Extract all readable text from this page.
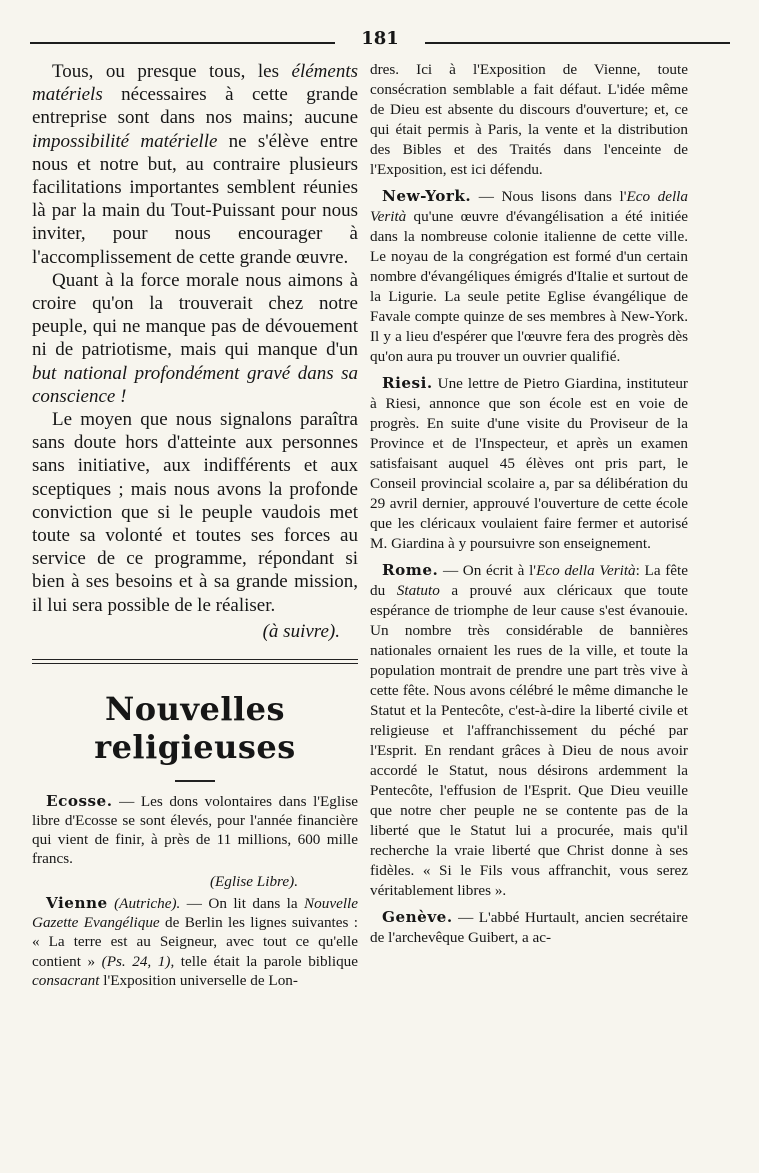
181

Tous, ou presque tous, les éléments matériels nécessaires à cette grande entreprise sont dans nos mains; aucune impossibilité matérielle ne s'élève entre nous et notre but, au contraire plusieurs facilitations importantes semblent réunies là par la main du Tout-Puissant pour nous inviter, pour nous encourager à l'accomplissement de cette grande œuvre.

Quant à la force morale nous aimons à croire qu'on la trouverait chez notre peuple, qui ne manque pas de dévouement ni de patriotisme, mais qui manque d'un but national profondément gravé dans sa conscience !

Le moyen que nous signalons paraîtra sans doute hors d'atteinte aux personnes sans initiative, aux indifférents et aux sceptiques ; mais nous avons la profonde conviction que si le peuple vaudois met toute sa volonté et toutes ses forces au service de ce programme, répondant si bien à ses besoins et à sa grande mission, il lui sera possible de le réaliser.

(à suivre).
Nouvelles religieuses

Ecosse. — Les dons volontaires dans l'Eglise libre d'Ecosse se sont élevés, pour l'année financière qui vient de finir, à près de 11 millions, 600 mille francs.

(Eglise Libre).

Vienne (Autriche). — On lit dans la Nouvelle Gazette Evangélique de Berlin les lignes suivantes : « La terre est au Seigneur, avec tout ce qu'elle contient » (Ps. 24, 1), telle était la parole biblique consacrant l'Exposition universelle de Lon-

dres. Ici à l'Exposition de Vienne, toute consécration semblable a fait défaut. L'idée même de Dieu est absente du discours d'ouverture; et, ce qui était permis à Paris, la vente et la distribution des Bibles et des Traités dans l'enceinte de l'Exposition, est ici défendu.

New-York. — Nous lisons dans l'Eco della Verità qu'une œuvre d'évangélisation a été initiée dans la nombreuse colonie italienne de cette ville. Le noyau de la congrégation est formé d'un certain nombre d'évangéliques émigrés d'Italie et surtout de la Ligurie. La seule petite Eglise évangélique de Favale compte quinze de ses membres à New-York. Il y a lieu d'espérer que l'œuvre fera des progrès dès qu'on aura pu trouver un ouvrier qualifié.

Riesi. Une lettre de Pietro Giardina, instituteur à Riesi, annonce que son école est en voie de progrès. En suite d'une visite du Proviseur de la Province et de l'Inspecteur, et après un examen satisfaisant auquel 45 élèves ont pris part, le Conseil provincial scolaire a, par sa délibération du 29 avril dernier, approuvé l'ouverture de cette école que les cléricaux voulaient faire fermer et autorisé M. Giardina à y poursuivre son enseignement.

Rome. — On écrit à l'Eco della Verità: La fête du Statuto a prouvé aux cléricaux que toute espérance de triomphe de leur cause s'est évanouie. Un nombre très considérable de bannières nationales ornaient les rues de la ville, et toute la population montrait de prendre une part très vive à cette fête. Nous avons célébré le même dimanche le Statut et la Pentecôte, c'est-à-dire la liberté civile et religieuse et l'affranchissement du péché par l'Esprit. En rendant grâces à Dieu de nous avoir accordé le Statut, nous désirons ardemment la Pentecôte, l'effusion de l'Esprit. Que Dieu veuille que notre cher peuple ne se contente pas de la liberté que le Statut lui a procurée, mais qu'il recherche la vraie liberté que Christ donne à ses fidèles. « Si le Fils vous affranchit, vous serez véritablement libres ».

Genève. — L'abbé Hurtault, ancien secrétaire de l'archevêque Guibert, a ac-
